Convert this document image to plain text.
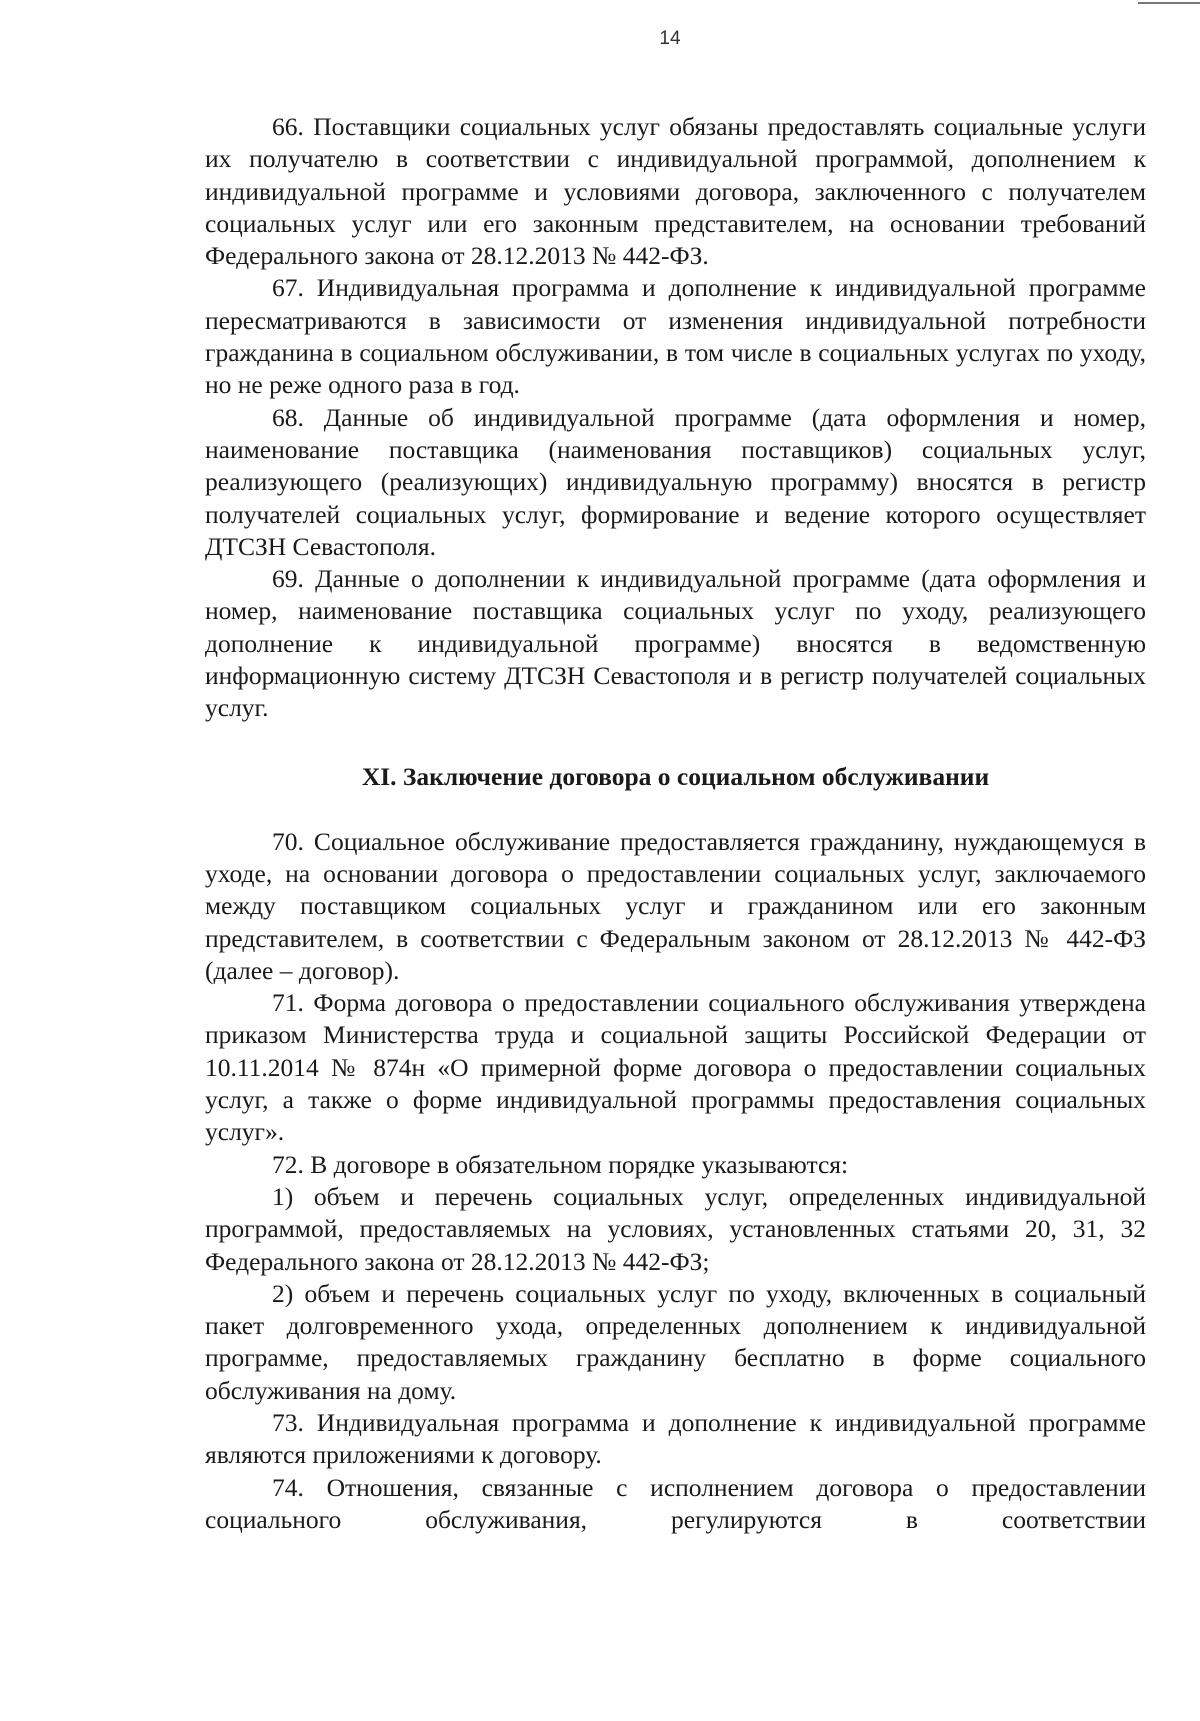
14

66. Поставщики социальных услуг обязаны предоставлять социальные услуги их получателю в соответствии с индивидуальной программой, дополнением к индивидуальной программе и условиями договора, заключенного с получателем социальных услуг или его законным представителем, на основании требований Федерального закона от 28.12.2013 № 442-ФЗ.

67. Индивидуальная программа и дополнение к индивидуальной программе пересматриваются в зависимости от изменения индивидуальной потребности гражданина в социальном обслуживании, в том числе в социальных услугах по уходу, но не реже одного раза в год.

68. Данные об индивидуальной программе (дата оформления и номер, наименование поставщика (наименования поставщиков) социальных услуг, реализующего (реализующих) индивидуальную программу) вносятся в регистр получателей социальных услуг, формирование и ведение которого осуществляет ДТСЗН Севастополя.

69. Данные о дополнении к индивидуальной программе (дата оформления и номер, наименование поставщика социальных услуг по уходу, реализующего дополнение к индивидуальной программе) вносятся в ведомственную информационную систему ДТСЗН Севастополя и в регистр получателей социальных услуг.

XI. Заключение договора о социальном обслуживании

70. Социальное обслуживание предоставляется гражданину, нуждающемуся в уходе, на основании договора о предоставлении социальных услуг, заключаемого между поставщиком социальных услуг и гражданином или его законным представителем, в соответствии с Федеральным законом от 28.12.2013 № 442-ФЗ (далее – договор).

71. Форма договора о предоставлении социального обслуживания утверждена приказом Министерства труда и социальной защиты Российской Федерации от 10.11.2014 № 874н «О примерной форме договора о предоставлении социальных услуг, а также о форме индивидуальной программы предоставления социальных услуг».

72. В договоре в обязательном порядке указываются:

1) объем и перечень социальных услуг, определенных индивидуальной программой, предоставляемых на условиях, установленных статьями 20, 31, 32 Федерального закона от 28.12.2013 № 442-ФЗ;

2) объем и перечень социальных услуг по уходу, включенных в социальный пакет долговременного ухода, определенных дополнением к индивидуальной программе, предоставляемых гражданину бесплатно в форме социального обслуживания на дому.

73. Индивидуальная программа и дополнение к индивидуальной программе являются приложениями к договору.

74. Отношения, связанные с исполнением договора о предоставлении социального обслуживания, регулируются в соответствии
